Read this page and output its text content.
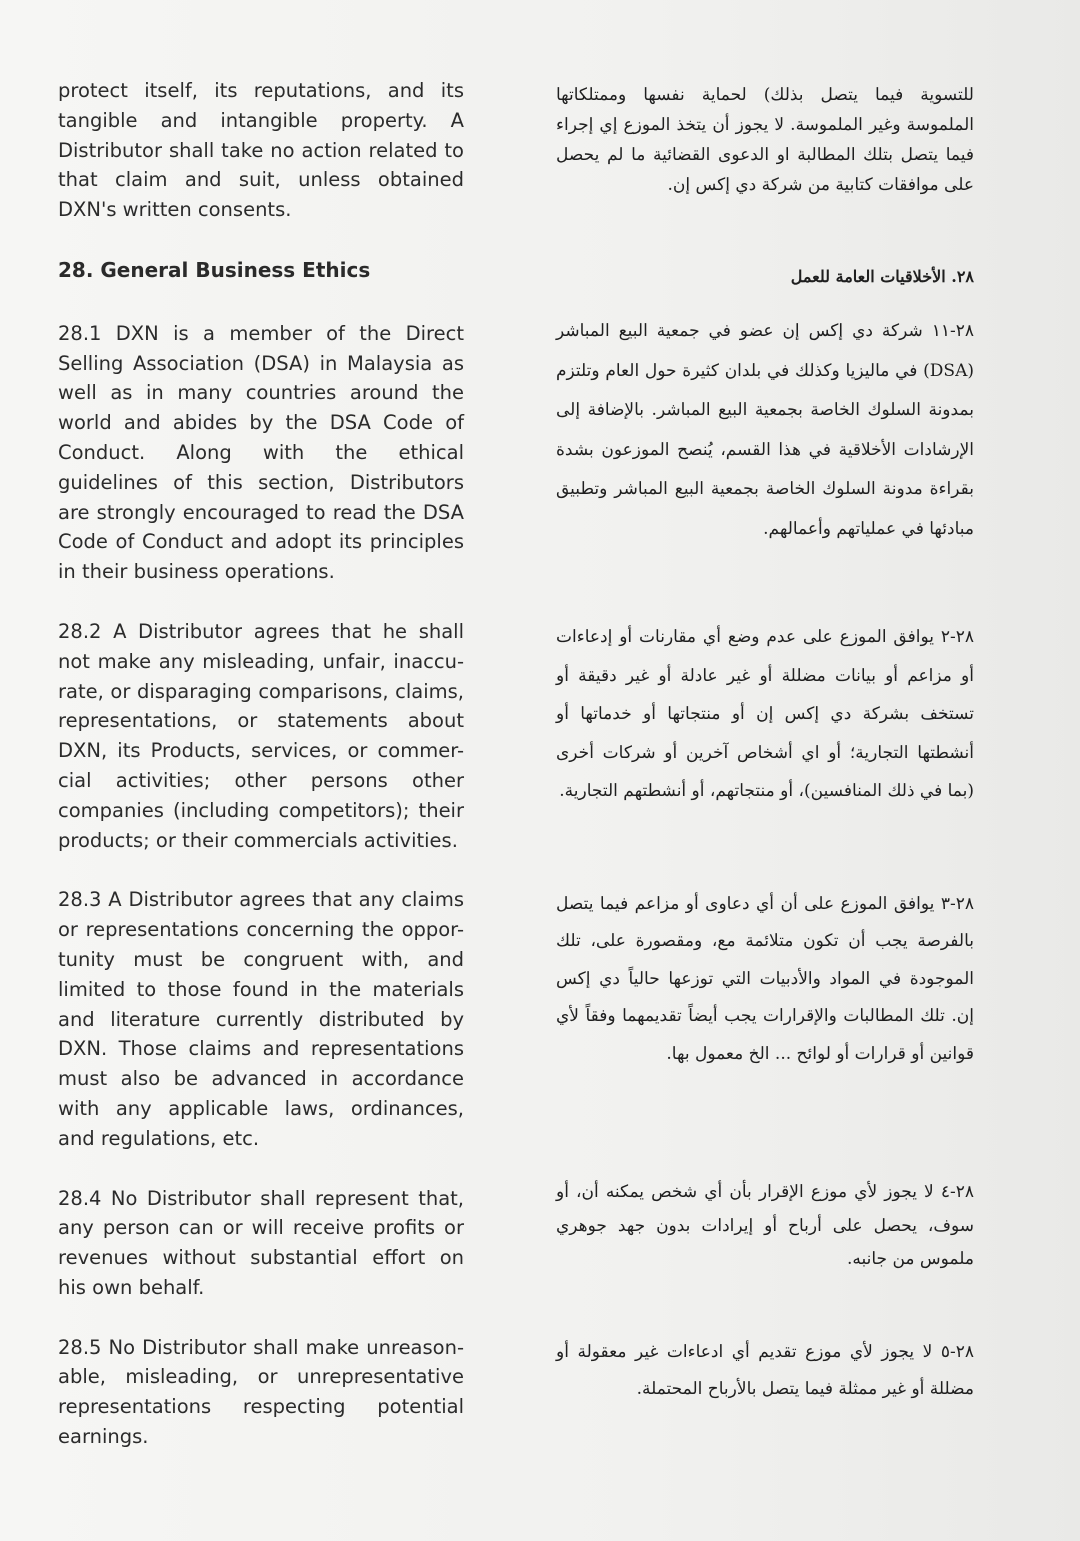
protect itself, its reputations, and its tangible and intangible property. A Distributor shall take no action related to that claim and suit, unless obtained DXN's written consents.

28. General Business Ethics

28.1 DXN is a member of the Direct Selling Association (DSA) in Malaysia as well as in many countries around the world and abides by the DSA Code of Conduct. Along with the ethical guidelines of this section, Distributors are strongly encouraged to read the DSA Code of Conduct and adopt its principles in their business operations.

28.2 A Distributor agrees that he shall not make any misleading, unfair, inaccu-rate, or disparaging comparisons, claims, representations, or statements about DXN, its Products, services, or commer-cial activities; other persons other companies (including competitors); their products; or their commercials activities.

28.3 A Distributor agrees that any claims or representations concerning the oppor-tunity must be congruent with, and limited to those found in the materials and literature currently distributed by DXN. Those claims and representations must also be advanced in accordance with any applicable laws, ordinances, and regulations, etc.

28.4 No Distributor shall represent that, any person can or will receive profits or revenues without substantial effort on his own behalf.

28.5 No Distributor shall make unreason-able, misleading, or unrepresentative representations respecting potential earnings.

للتسوية فيما يتصل بذلك) لحماية نفسها وممتلكاتها الملموسة وغير الملموسة. لا يجوز أن يتخذ الموزع إي إجراء فيما يتصل بتلك المطالبة او الدعوى القضائية ما لم يحصل على موافقات كتابية من شركة دي إكس إن.

٢٨. الأخلاقيات العامة للعمل

٢٨-١١ شركة دي إكس إن عضو في جمعية البيع المباشر (DSA) في ماليزيا وكذلك في بلدان كثيرة حول العام وتلتزم بمدونة السلوك الخاصة بجمعية البيع المباشر. بالإضافة إلى الإرشادات الأخلاقية في هذا القسم، يُنصح الموزعون بشدة بقراءة مدونة السلوك الخاصة بجمعية البيع المباشر وتطبيق مبادئها في عملياتهم وأعمالهم.

٢٨-٢ يوافق الموزع على عدم وضع أي مقارنات أو إدعاءات أو مزاعم أو بيانات مضللة أو غير عادلة أو غير دقيقة أو تستخف بشركة دي إكس إن أو منتجاتها أو خدماتها أو أنشطتها التجارية؛ أو اي أشخاص آخرين أو شركات أخرى (بما في ذلك المنافسين)، أو منتجاتهم، أو أنشطتهم التجارية.

٢٨-٣ يوافق الموزع على أن أي دعاوى أو مزاعم فيما يتصل بالفرصة يجب أن تكون متلائمة مع، ومقصورة على، تلك الموجودة في المواد والأدبيات التي توزعها حالياً دي إكس إن. تلك المطالبات والإقرارات يجب أيضاً تقديمهما وفقاً لأي قوانين أو قرارات أو لوائح ... الخ معمول بها.

٢٨-٤ لا يجوز لأي موزع الإقرار بأن أي شخص يمكنه أن، أو سوف، يحصل على أرباح أو إيرادات بدون جهد جوهري ملموس من جانبه.

٢٨-٥ لا يجوز لأي موزع تقديم أي ادعاءات غير معقولة أو مضللة أو غير ممثلة فيما يتصل بالأرباح المحتملة.
